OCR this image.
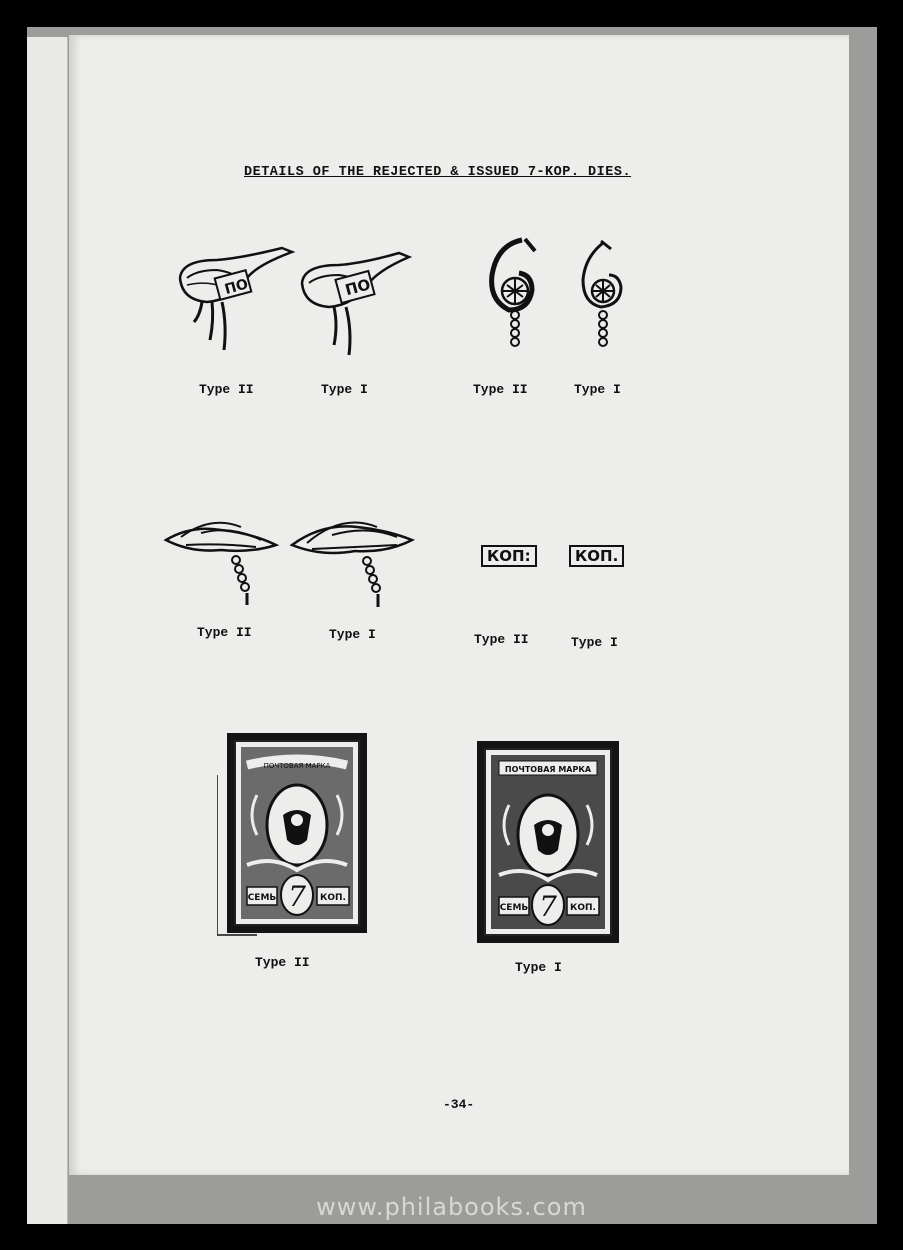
DETAILS OF THE REJECTED & ISSUED 7-KOP. DIES.
ПО
Type II
ПО
Type I	Type II	Type I
Type II	Type I
КОП:
Type II
КОП.
Type I
ПОЧТОВАЯ МАРКА
СЕМЬ 7 КОП.
Type II
ПОЧТОВАЯ МАРКА
СЕМЬ 7 КОП.
Type I
-34-
www.philabooks.com
